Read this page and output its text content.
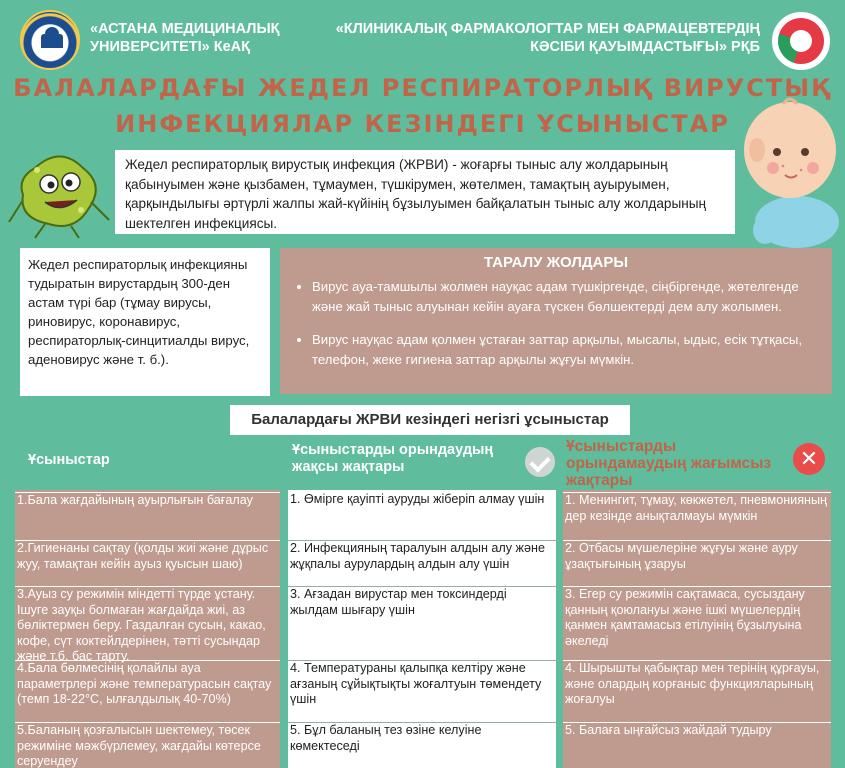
«АСТАНА МЕДИЦИНАЛЫҚ УНИВЕРСИТЕТІ» КеАҚ
«КЛИНИКАЛЫҚ ФАРМАКОЛОГТАР МЕН ФАРМАЦЕВТЕРДІҢ КӘСІБИ ҚАУЫМДАСТЫҒЫ» РҚБ
БАЛАЛАРДАҒЫ ЖЕДЕЛ РЕСПИРАТОРЛЫҚ ВИРУСТЫҚ
ИНФЕКЦИЯЛАР КЕЗІНДЕГІ ҰСЫНЫСТАР
Жедел респираторлық вирустық инфекция (ЖРВИ) - жоғарғы тыныс алу жолдарының қабынуымен және қызбамен, тұмаумен, түшкірумен, жөтелмен, тамақтың ауыруымен, қарқындылығы әртүрлі жалпы жай-күйінің бұзылуымен байқалатын тыныс алу жолдарының шектелген инфекциясы.
Жедел респираторлық инфекцияны тудыратын вирустардың 300-ден астам түрі бар (тұмау вирусы, риновирус, коронавирус, респираторлық-синцитиалды вирус, аденовирус және т. б.).
ТАРАЛУ ЖОЛДАРЫ
• Вирус ауа-тамшылы жолмен науқас адам түшкіргенде, сіңбіргенде, жөтелгенде және жай тыныс алуынан кейін ауаға түскен бөлшектерді дем алу жолымен.
• Вирус науқас адам қолмен ұстаған заттар арқылы, мысалы, ыдыс, есік тұтқасы, телефон, жеке гигиена заттар арқылы жұғуы мүмкін.
Балалардағы ЖРВИ кезіндегі негізгі ұсыныстар
Ұсыныстар
Ұсыныстарды орындаудың жақсы жақтары
Ұсыныстарды орындамаудың жағымсыз жақтары
✕
1.Бала жағдайының ауырлығын бағалау
2.Гигиенаны сақтау (қолды жиі және дұрыс жуу, тамақтан кейін ауыз қуысын шаю)
3.Ауыз су режимін міндетті түрде ұстану. Ішуге зауқы болмаған жағдайда жиі, аз бөліктермен беру. Газдалған сусын, какао, кофе, сүт коктейлдерінен, тәтті сусындар және т.б. бас тарту.
4.Бала бөлмесінің қолайлы ауа параметрлері және температурасын сақтау (темп 18-22°С, ылғалдылық 40-70%)
5.Баланың қозғалысын шектемеу, төсек режиміне мәжбүрлемеу, жағдайы көтерсе серуендеу
1. Өмірге қауіпті ауруды жіберіп алмау үшін
2. Инфекцияның таралуын алдын алу және жұқпалы аурулардың алдын алу үшін
3. Ағзадан вирустар мен токсиндерді жылдам шығару үшін
4. Температураны қалыпқа келтіру және ағзаның сұйықтықты жоғалтуын төмендету үшін
5. Бұл баланың тез өзіне келуіне көмектеседі
1. Менингит, тұмау, көкжөтел, пневмонияның дер кезінде анықталмауы мүмкін
2. Отбасы мүшелеріне жұғуы және ауру ұзақтығының ұзаруы
3. Егер су режимін сақтамаса, сусыздану қанның қоюлануы және ішкі мүшелердің қанмен қамтамасыз етілуінің бұзылуына әкеледі
4. Шырышты қабықтар мен терінің құрғауы, және олардың корғаныс функцияларының жоғалуы
5. Балаға ыңғайсыз жайдай тудыру
